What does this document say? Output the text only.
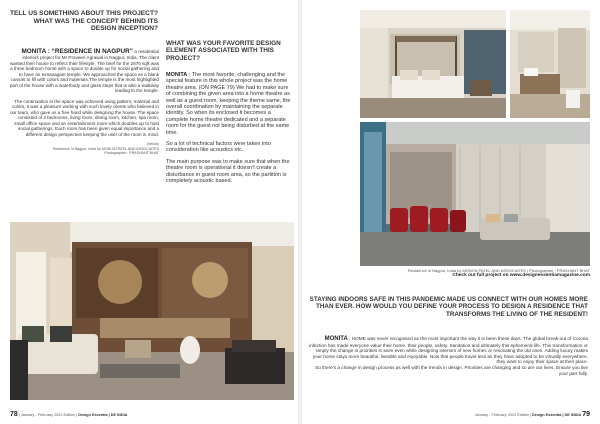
TELL US SOMETHING ABOUT THIS PROJECT? WHAT WAS THE CONCEPT BEHIND ITS DESIGN INCEPTION?

MONITA : “RESIDENCE IN NAGPUR” a residential interiors project for Mr Praveen Agrawal in Nagpur, India. The client wanted their house to reflect their lifestyle. The brief for the 2670 sqft was a three bedroom home with a space to double up for social gathering and to have an extravagant temple. We approached the space as a blank canvas to fill with colors and materials.The temple is the most highlighted part of the house with a waterbody and glass steps that is also a walkway leading to the temple.

The continuation in the space was achieved using pattern, material and colors, it was a pleasure working with such lovely clients who believed in our team, who gave us a free hand while designing the house. The space consisted of 3 bedrooms, living room, dining room, kitchen, spa room, small office space and an entertainment room which doubles up to host social gatherings. Each room has been given equal importance and a different design perspective keeping the user of the room in mind.

(below)
Residence in Nagpur, India by MONITA PATEL AND ASSOCIATES
Photographer : PRASHANT BHAT
WHAT WAS YOUR FAVORITE DESIGN ELEMENT ASSOCIATED WITH THIS PROJECT?

MONITA : The most favorite, challenging and the special feature in this whole project was the home theatre area. (ON PAGE 79) We had to make sure of combining the given area into a home theatre as well as a guest room, keeping the theme same, the overall coordination by maintaining the separate identity. So when its enclosed it becomes a complete home theatre dedicated and a separate room for the guest not being disturbed at the same time.

So a lot of technical factors were taken into consideration like acoustics etc.

The main purpose was to make sure that when the theatre room is operational it doesn't create a disturbance in guest room area, so the partition is completely acoustic based.

78 | January - February 2022 Edition | Design Essentia | DE INDIA
Residence in Nagpur, India by MONITA PATEL AND ASSOCIATES | Photographer : PRASHANT BHAT
Check out full project on www.designessentiamagazine.com
STAYING INDOORS SAFE IN THIS PANDEMIC MADE US CONNECT WITH OUR HOMES MORE THAN EVER. HOW WOULD YOU DEFINE YOUR PROCESS TO DESIGN A RESIDENCE THAT TRANSFORMS THE LIVING OF THE RESIDENT!

MONITA : HOME was never recognised as the most important the way it is been these days. The global break-out of Corona infection has made everyone value their home, their people, safety. Sanitation and ultimately this ephemeral life. This transformation or simply the change in priorities is seen even while designing interiors of new homes or renovating the old ones. Adding luxury makes your home stays more beautiful, liveable and enjoyable. Now that people travel less as they have adopted to be virtually everywhere, they want to enjoy their space at their place.

So there's a change in design process as well with the trends in design. Priorities are changing and so are our lives. Ensure you live your part fully.

January - February 2022 Edition | Design Essentia | DE INDIA 79
